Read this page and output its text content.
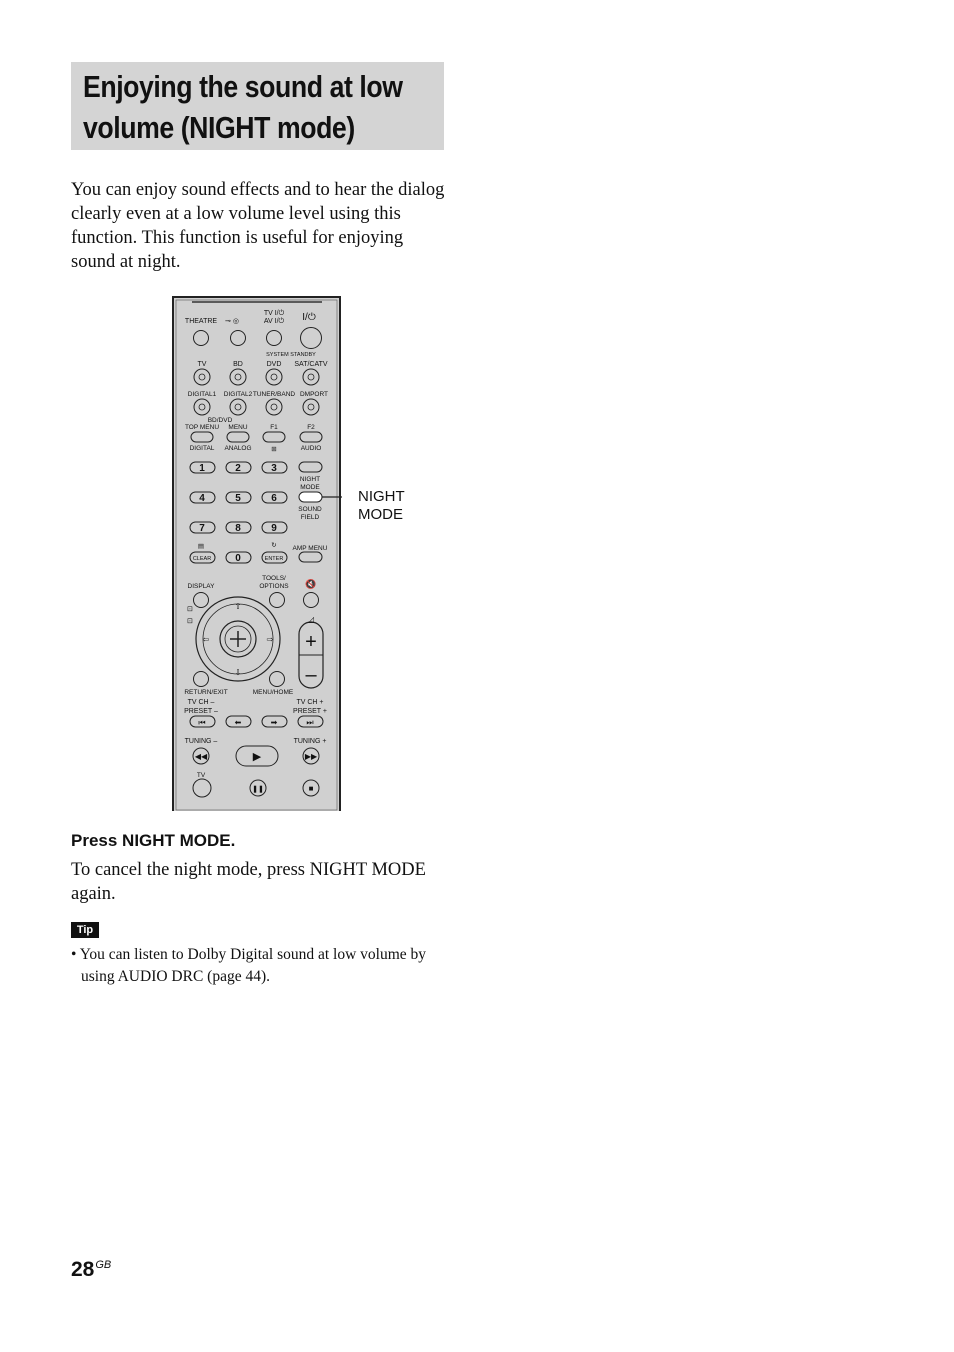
Enjoying the sound at low volume (NIGHT mode)

You can enjoy sound effects and to hear the dialog clearly even at a low volume level using this function. This function is useful for enjoying sound at night.

THEATRE ⊸ ◎
TV I/⏻
AV I/⏻ I/⏻
SYSTEM STANDBY
TV	BD	DVD SAT/CATV
DIGITAL1 DIGITAL2 TUNER/BAND DMPORT
BD/DVD
TOP MENU MENU	F1	F2
DIGITAL ANALOG	⊞	AUDIO
1	2	3
4	5	6
7	8	9
0
CLEAR	ENTER
NIGHT
MODE
SOUND
FIELD
AMP MENU
▤	↻
DISPLAY
TOOLS/
OPTIONS 🔇
⇧
⇩
⇦	⇨ +
–
◿
⊡
⊡
RETURN/EXIT	MENU/HOME
TV CH –
PRESET –
TV CH +
PRESET +
TUNING –	TUNING +
TV
⏮	⬅	➡	⏭
◀◀	▶	▶▶
❚❚	■
NIGHT
MODE

Press NIGHT MODE.

To cancel the night mode, press NIGHT MODE again.

Tip

• You can listen to Dolby Digital sound at low volume by using AUDIO DRC (page 44).

$28^{GB}$
